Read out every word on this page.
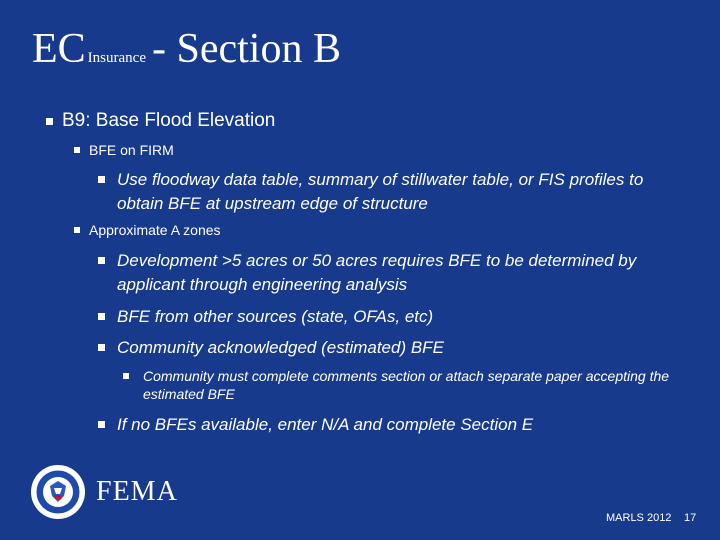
EC Insurance - Section B
B9: Base Flood Elevation
BFE on FIRM
Use floodway data table, summary of stillwater table, or FIS profiles to obtain BFE at upstream edge of structure
Approximate A zones
Development >5 acres or 50 acres requires BFE to be determined by applicant through engineering analysis
BFE from other sources (state, OFAs, etc)
Community acknowledged (estimated) BFE
Community must complete comments section or attach separate paper accepting the estimated BFE
If no BFEs available, enter N/A and complete Section E
FEMA
MARLS 2012 17
